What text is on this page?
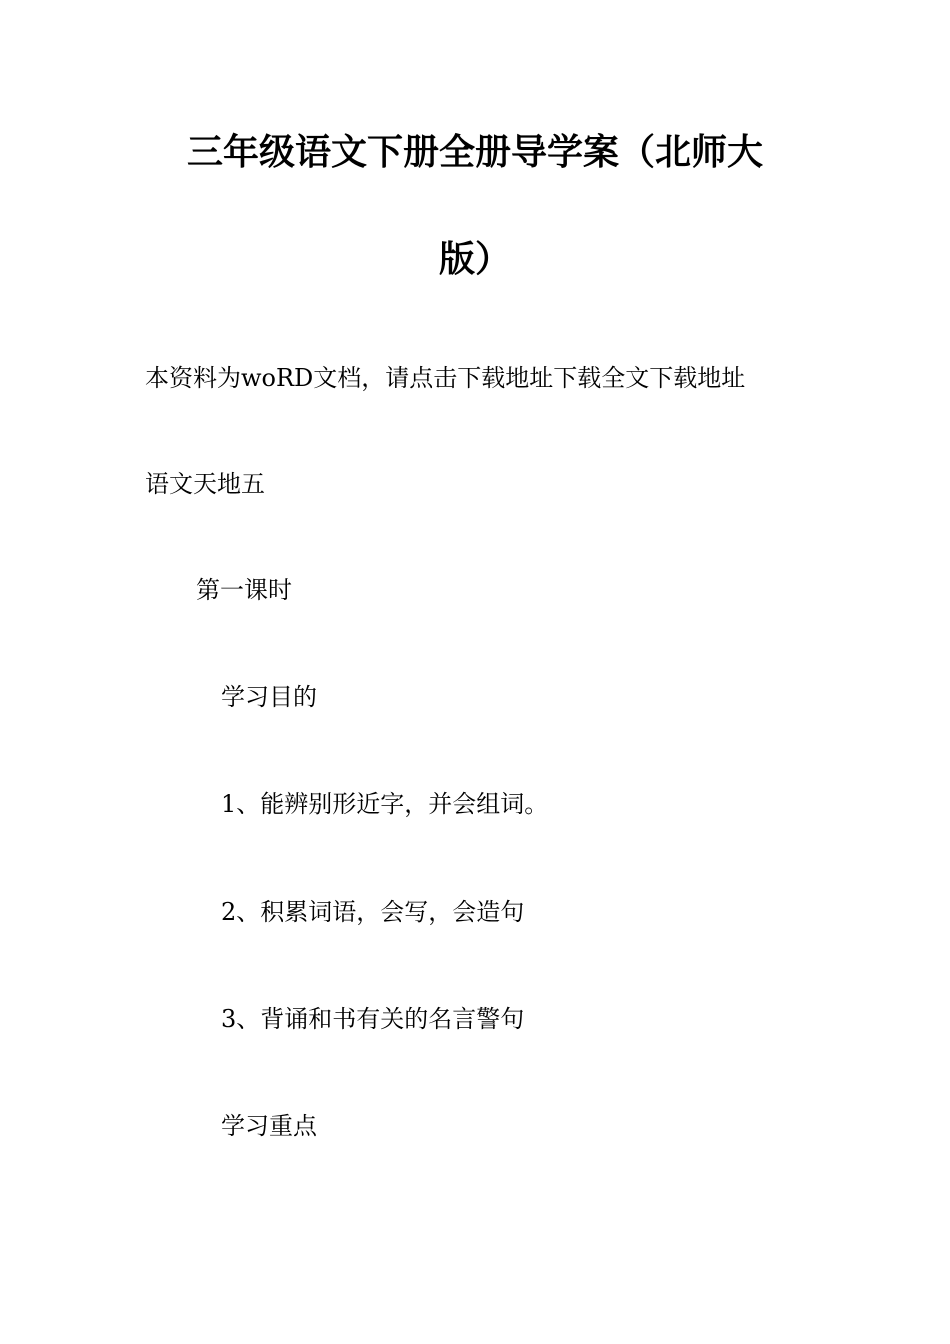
三年级语文下册全册导学案（北师大
版）
本资料为woRD文档，请点击下载地址下载全文下载地址
语文天地五
第一课时
学习目的
1、能辨别形近字，并会组词。
2、积累词语，会写，会造句
3、背诵和书有关的名言警句
学习重点
